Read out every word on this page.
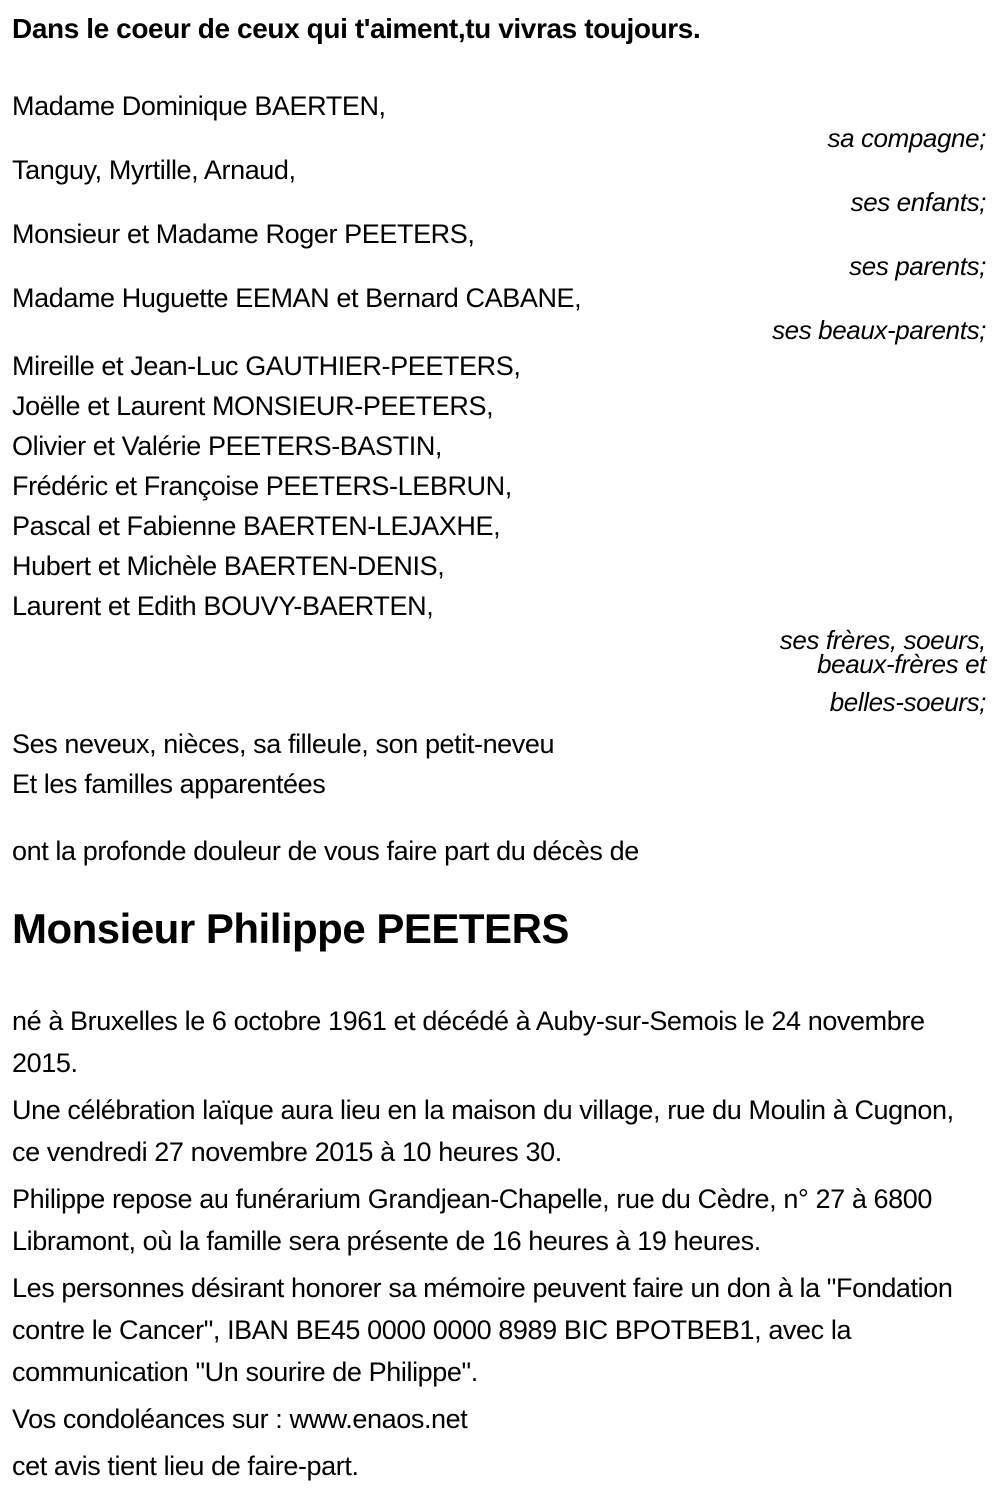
Dans le coeur de ceux qui t'aiment,tu vivras toujours.

Madame Dominique BAERTEN,

sa compagne;

Tanguy, Myrtille, Arnaud,

ses enfants;

Monsieur et Madame Roger PEETERS,

ses parents;

Madame Huguette EEMAN et Bernard CABANE,

ses beaux-parents;

Mireille et Jean-Luc GAUTHIER-PEETERS,

Joëlle et Laurent MONSIEUR-PEETERS,

Olivier et Valérie PEETERS-BASTIN,

Frédéric et Françoise PEETERS-LEBRUN,

Pascal et Fabienne BAERTEN-LEJAXHE,

Hubert et Michèle BAERTEN-DENIS,

Laurent et Edith BOUVY-BAERTEN,

ses frères, soeurs,

beaux-frères et

belles-soeurs;

Ses neveux, nièces, sa filleule, son petit-neveu

Et les familles apparentées

ont la profonde douleur de vous faire part du décès de

Monsieur Philippe PEETERS

né à Bruxelles le 6 octobre 1961 et décédé à Auby-sur-Semois le 24 novembre 2015.

Une célébration laïque aura lieu en la maison du village, rue du Moulin à Cugnon, ce vendredi 27 novembre 2015 à 10 heures 30.

Philippe repose au funérarium Grandjean-Chapelle, rue du Cèdre, n° 27 à 6800 Libramont, où la famille sera présente de 16 heures à 19 heures.

Les personnes désirant honorer sa mémoire peuvent faire un don à la "Fondation contre le Cancer", IBAN BE45 0000 0000 8989 BIC BPOTBEB1, avec la communication "Un sourire de Philippe".

Vos condoléances sur : www.enaos.net

cet avis tient lieu de faire-part.
